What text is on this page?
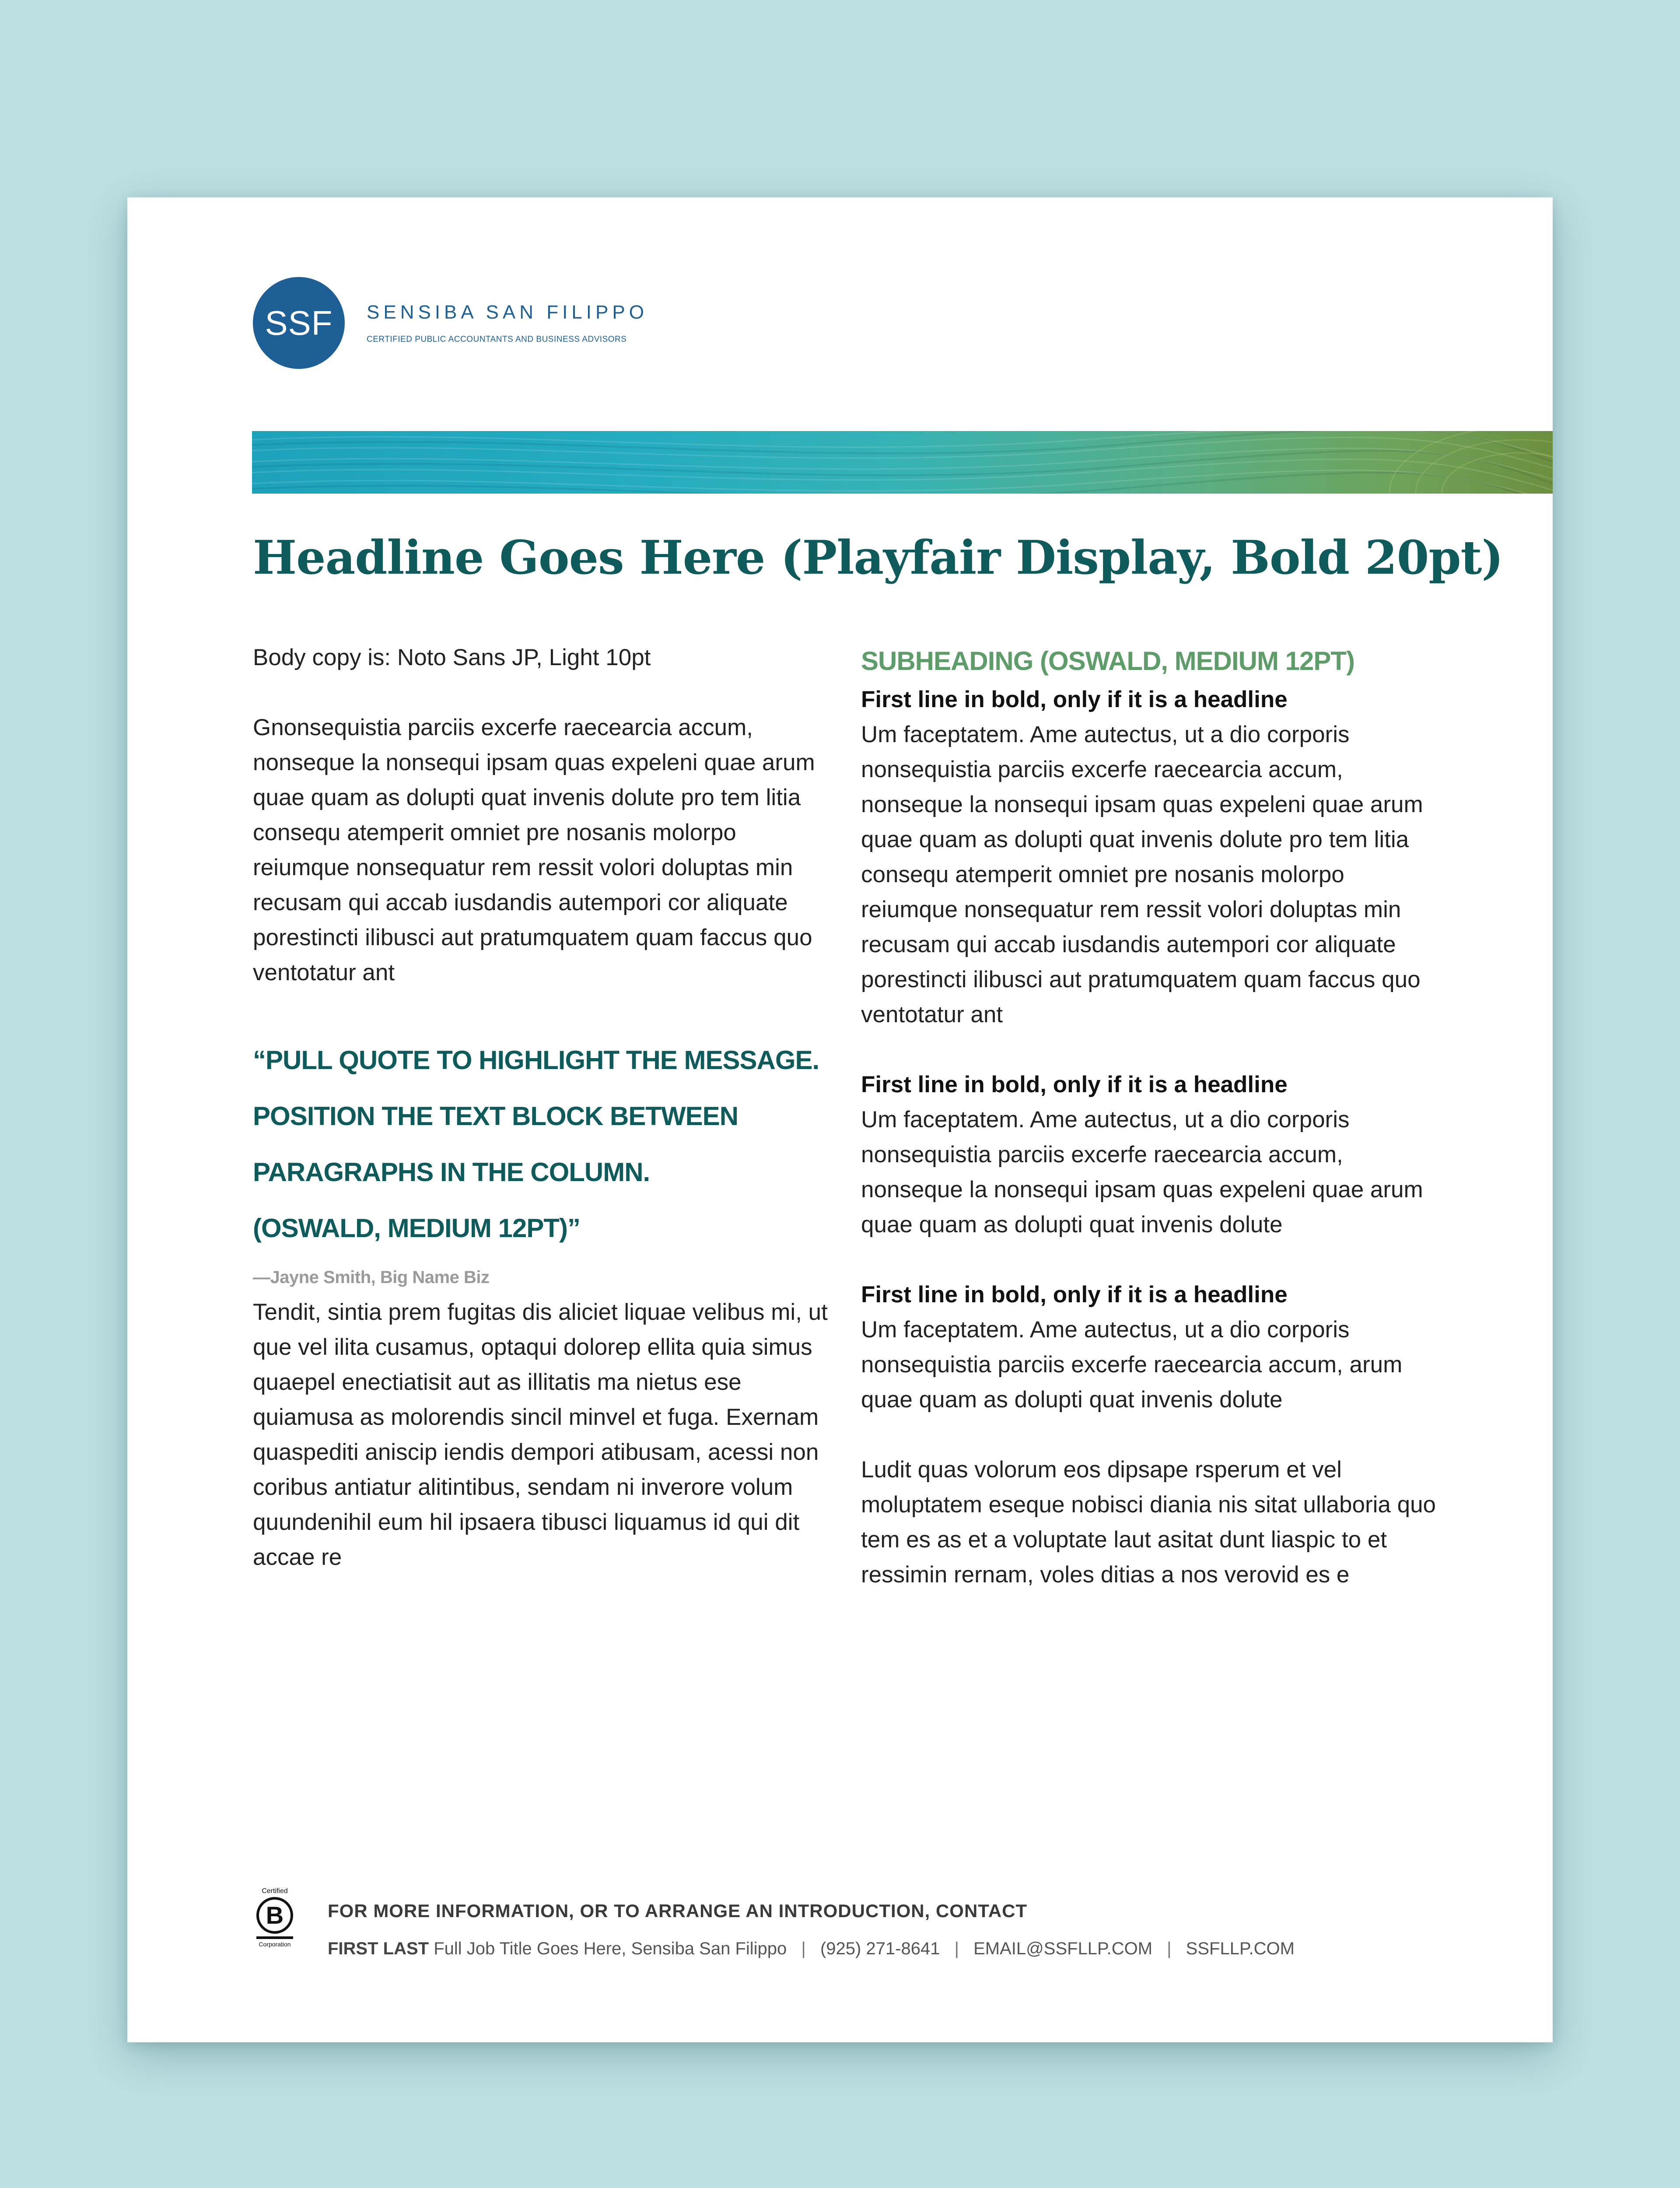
SSF	SENSIBA SAN FILIPPO
CERTIFIED PUBLIC ACCOUNTANTS AND BUSINESS ADVISORS
Headline Goes Here (Playfair Display, Bold 20pt)

Body copy is: Noto Sans JP, Light 10pt

Gnonsequistia parciis excerfe raecearcia accum, nonseque la nonsequi ipsam quas expeleni quae arum quae quam as dolupti quat invenis dolute pro tem litia consequ atemperit omniet pre nosanis molorpo reiumque nonsequatur rem ressit volori doluptas min recusam qui accab iusdandis autempori cor aliquate porestincti ilibusci aut pratumquatem quam faccus quo ventotatur ant

“PULL QUOTE TO HIGHLIGHT THE MESSAGE.
POSITION THE TEXT BLOCK BETWEEN
PARAGRAPHS IN THE COLUMN.
(OSWALD, MEDIUM 12PT)”
—Jayne Smith, Big Name Biz

Tendit, sintia prem fugitas dis aliciet liquae velibus mi, ut que vel ilita cusamus, optaqui dolorep ellita quia simus quaepel enectiatisit aut as illitatis ma nietus ese quiamusa as molorendis sincil minvel et fuga. Exernam quaspediti aniscip iendis dempori atibusam, acessi non coribus antiatur alitintibus, sendam ni inverore volum quundenihil eum hil ipsaera tibusci liquamus id qui dit accae re

SUBHEADING (OSWALD, MEDIUM 12PT)

First line in bold, only if it is a headline

Um faceptatem. Ame autectus, ut a dio corporis nonsequistia parciis excerfe raecearcia accum, nonseque la nonsequi ipsam quas expeleni quae arum quae quam as dolupti quat invenis dolute pro tem litia consequ atemperit omniet pre nosanis molorpo reiumque nonsequatur rem ressit volori doluptas min recusam qui accab iusdandis autempori cor aliquate porestincti ilibusci aut pratumquatem quam faccus quo ventotatur ant

First line in bold, only if it is a headline

Um faceptatem. Ame autectus, ut a dio corporis nonsequistia parciis excerfe raecearcia accum, nonseque la nonsequi ipsam quas expeleni quae arum quae quam as dolupti quat invenis dolute

First line in bold, only if it is a headline

Um faceptatem. Ame autectus, ut a dio corporis nonsequistia parciis excerfe raecearcia accum, arum quae quam as dolupti quat invenis dolute

Ludit quas volorum eos dipsape rsperum et vel moluptatem eseque nobisci diania nis sitat ullaboria quo tem es as et a voluptate laut asitat dunt liaspic to et ressimin rernam, voles ditias a nos verovid es e

Certified
B
Corporation
FOR MORE INFORMATION, OR TO ARRANGE AN INTRODUCTION, CONTACT
FIRST LAST Full Job Title Goes Here, Sensiba San Filippo | (925) 271-8641 | EMAIL@SSFLLP.COM | SSFLLP.COM
